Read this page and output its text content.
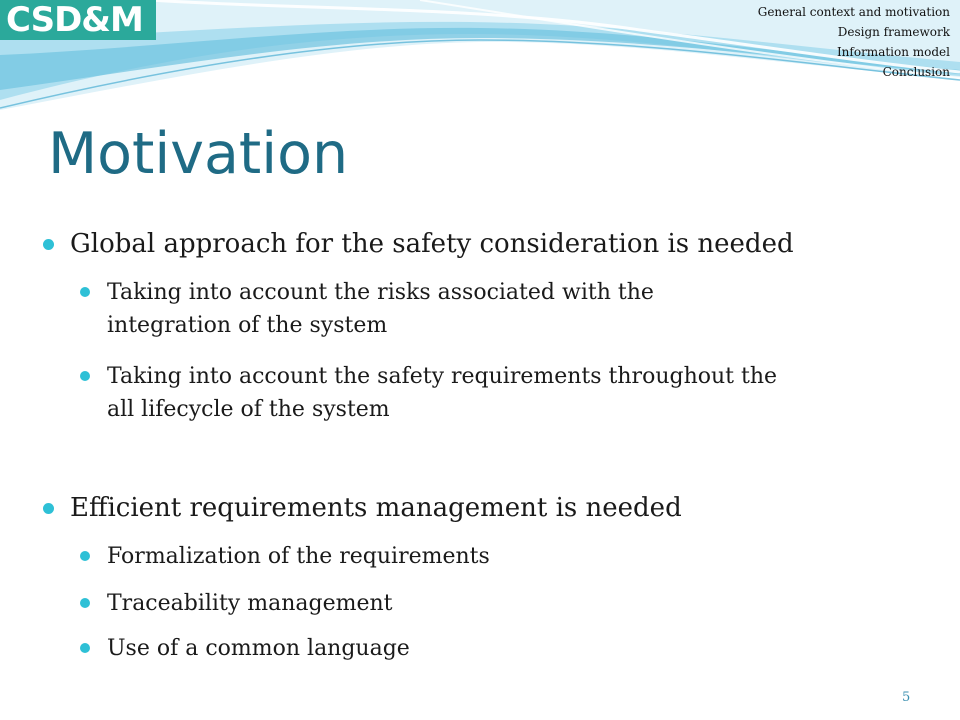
CSD&M	General context and motivation
Design framework
Information model
Conclusion
Motivation
Global approach for the safety consideration is needed
Taking into account the risks associated with the
integration of the system
Taking into account the safety requirements throughout the
all lifecycle of the system
Efficient requirements management is needed
Formalization of the requirements
Traceability management
Use of a common language
5
